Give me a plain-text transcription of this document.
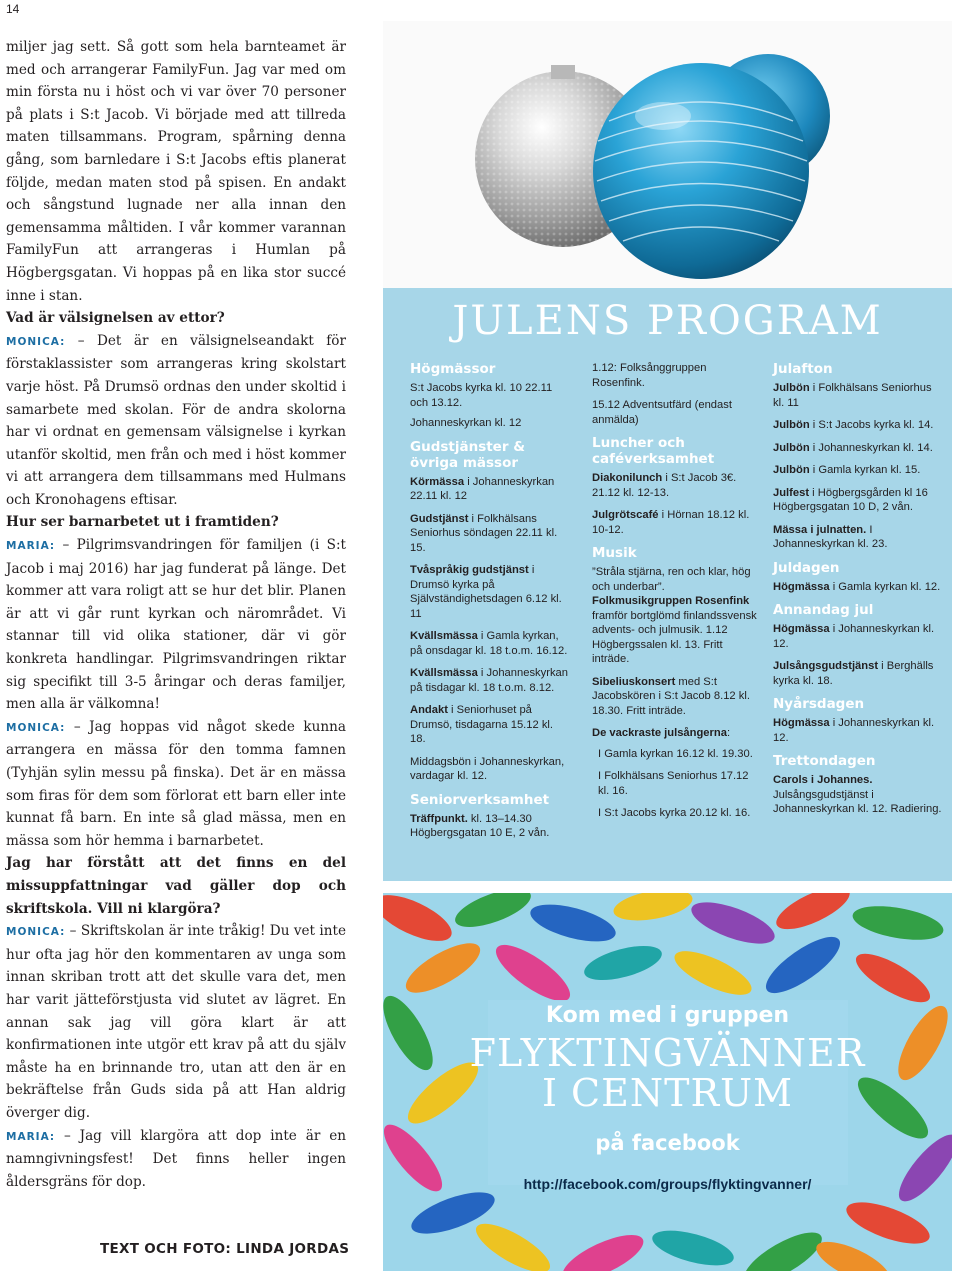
14

miljer jag sett. Så gott som hela barnteamet är med och arrangerar FamilyFun. Jag var med om min första nu i höst och vi var över 70 personer på plats i S:t Jacob. Vi började med att tillreda maten tillsammans. Program, spårning denna gång, som barnledare i S:t Jacobs eftis planerat följde, medan maten stod på spisen. En andakt och sångstund lugnade ner alla innan den gemensamma måltiden. I vår kommer varannan FamilyFun att arrangeras i Humlan på Högbergsgatan. Vi hoppas på en lika stor succé inne i stan.

Vad är välsignelsen av ettor?

MONICA: – Det är en välsignelseandakt för förstaklassister som arrangeras kring skolstart varje höst. På Drumsö ordnas den under skoltid i samarbete med skolan. För de andra skolorna har vi ordnat en gemensam välsignelse i kyrkan utanför skoltid, men från och med i höst kommer vi att arrangera dem tillsammans med Hulmans och Kronohagens eftisar.

Hur ser barnarbetet ut i framtiden?

MARIA: – Pilgrimsvandringen för familjen (i S:t Jacob i maj 2016) har jag funderat på länge. Det kommer att vara roligt att se hur det blir. Planen är att vi går runt kyrkan och närområdet. Vi stannar till vid olika stationer, där vi gör konkreta handlingar. Pilgrimsvandringen riktar sig specifikt till 3-5 åringar och deras familjer, men alla är välkomna!

MONICA: – Jag hoppas vid något skede kunna arrangera en mässa för den tomma famnen (Tyhjän sylin messu på finska). Det är en mässa som firas för dem som förlorat ett barn eller inte kunnat få barn. En inte så glad mässa, men en mässa som hör hemma i barnarbetet.

Jag har förstått att det finns en del missuppfattningar vad gäller dop och skriftskola. Vill ni klargöra?

MONICA: – Skriftskolan är inte tråkig! Du vet inte hur ofta jag hör den kommentaren av unga som innan skriban trott att det skulle vara det, men har varit jätteförstjusta vid slutet av lägret. En annan sak jag vill göra klart är att konfirmationen inte utgör ett krav på att du själv måste ha en brinnande tro, utan att den är en bekräftelse från Guds sida på att Han aldrig överger dig.

MARIA: – Jag vill klargöra att dop inte är en namngivningsfest! Det finns heller ingen åldersgräns för dop.

TEXT OCH FOTO: LINDA JORDAS
JULENS PROGRAM
Högmässor
S:t Jacobs kyrka kl. 10 22.11 och 13.12.
Johanneskyrkan kl. 12
Gudstjänster & övriga mässor
Körmässa i Johanneskyrkan 22.11 kl. 12
Gudstjänst i Folkhälsans Seniorhus söndagen 22.11 kl. 15.
Tvåspråkig gudstjänst i Drumsö kyrka på Självständighetsdagen 6.12 kl. 11
Kvällsmässa i Gamla kyrkan, på onsdagar kl. 18 t.o.m. 16.12.
Kvällsmässa i Johanneskyrkan på tisdagar kl. 18 t.o.m. 8.12.
Andakt i Seniorhuset på Drumsö, tisdagarna 15.12 kl. 18.
Middagsbön i Johanneskyrkan, vardagar kl. 12.
Seniorverksamhet
Träffpunkt. kl. 13–14.30 Högbergsgatan 10 E, 2 vån.
1.12: Folksånggruppen Rosenfink.
15.12 Adventsutfärd (endast anmälda)
Luncher och caféverksamhet
Diakonilunch i S:t Jacob 3€. 21.12 kl. 12-13.
Julgrötscafé i Hörnan 18.12 kl. 10-12.
Musik
”Stråla stjärna, ren och klar, hög och underbar”. Folkmusikgruppen Rosenfink framför bortglömd finlandssvensk advents- och julmusik. 1.12 Högbergssalen kl. 13. Fritt inträde.
Sibeliuskonsert med S:t Jacobskören i S:t Jacob 8.12 kl. 18.30. Fritt inträde.
De vackraste julsångerna:
I Gamla kyrkan 16.12 kl. 19.30.
I Folkhälsans Seniorhus 17.12 kl. 16.
I S:t Jacobs kyrka 20.12 kl. 16.
Julafton
Julbön i Folkhälsans Seniorhus kl. 11
Julbön i S:t Jacobs kyrka kl. 14.
Julbön i Johanneskyrkan kl. 14.
Julbön i Gamla kyrkan kl. 15.
Julfest i Högbergsgården kl 16 Högbergsgatan 10 D, 2 vån.
Mässa i julnatten. I Johanneskyrkan kl. 23.
Juldagen
Högmässa i Gamla kyrkan kl. 12.
Annandag jul
Högmässa i Johanneskyrkan kl. 12.
Julsångsgudstjänst i Berghälls kyrka kl. 18.
Nyårsdagen
Högmässa i Johanneskyrkan kl. 12.
Trettondagen
Carols i Johannes. Julsångsgudstjänst i Johanneskyrkan kl. 12. Radiering.
Kom med i gruppen
FLYKTINGVÄNNER
I CENTRUM
på facebook
http://facebook.com/groups/flyktingvanner/
